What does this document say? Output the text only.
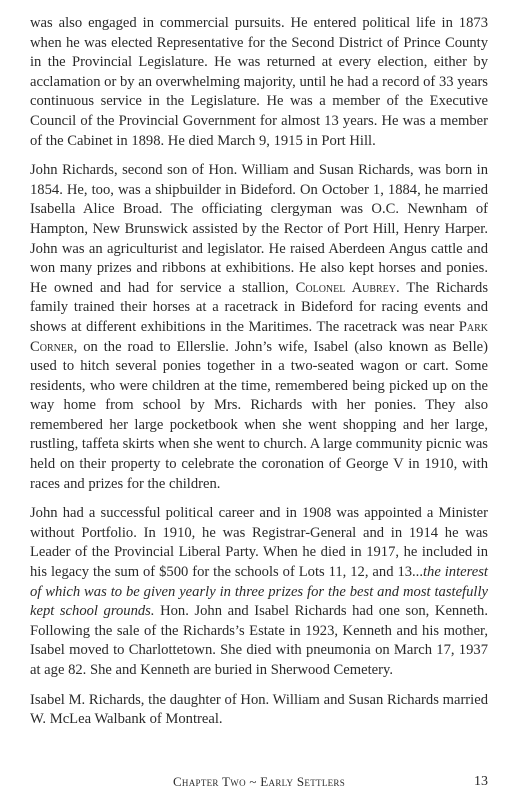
was also engaged in commercial pursuits. He entered political life in 1873 when he was elected Representative for the Second District of Prince County in the Provincial Legislature. He was returned at every election, either by acclamation or by an overwhelming majority, until he had a record of 33 years continuous service in the Legislature. He was a member of the Executive Council of the Provincial Government for almost 13 years. He was a member of the Cabinet in 1898. He died March 9, 1915 in Port Hill.

John Richards, second son of Hon. William and Susan Richards, was born in 1854. He, too, was a shipbuilder in Bideford. On October 1, 1884, he married Isabella Alice Broad. The officiating clergyman was O.C. Newnham of Hampton, New Brunswick assisted by the Rector of Port Hill, Henry Harper. John was an agriculturist and legislator. He raised Aberdeen Angus cattle and won many prizes and ribbons at exhibitions. He also kept horses and ponies. He owned and had for service a stallion, Colonel Aubrey. The Richards family trained their horses at a racetrack in Bideford for racing events and shows at different exhibitions in the Maritimes. The racetrack was near Park Corner, on the road to Ellerslie. John’s wife, Isabel (also known as Belle) used to hitch several ponies together in a two-seated wagon or cart. Some residents, who were children at the time, remembered being picked up on the way home from school by Mrs. Richards with her ponies. They also remembered her large pocketbook when she went shopping and her large, rustling, taffeta skirts when she went to church. A large community picnic was held on their property to celebrate the coronation of George V in 1910, with races and prizes for the children.

John had a successful political career and in 1908 was appointed a Minister without Portfolio. In 1910, he was Registrar-General and in 1914 he was Leader of the Provincial Liberal Party. When he died in 1917, he included in his legacy the sum of $500 for the schools of Lots 11, 12, and 13...the interest of which was to be given yearly in three prizes for the best and most tastefully kept school grounds. Hon. John and Isabel Richards had one son, Kenneth. Following the sale of the Richards’s Estate in 1923, Kenneth and his mother, Isabel moved to Charlottetown. She died with pneumonia on March 17, 1937 at age 82. She and Kenneth are buried in Sherwood Cemetery.

Isabel M. Richards, the daughter of Hon. William and Susan Richards married W. McLea Walbank of Montreal.

Chapter Two ~ Early Settlers	13
